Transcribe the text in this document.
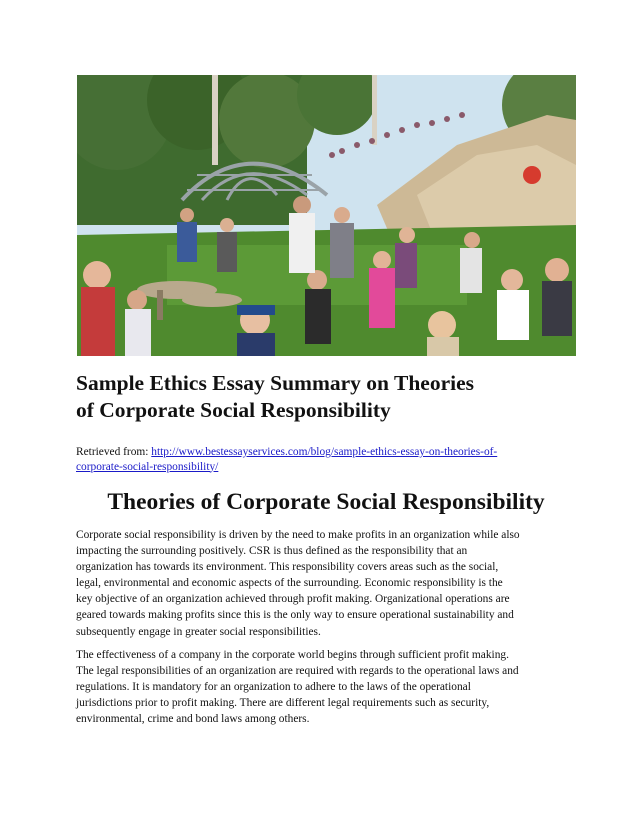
Sample Ethics Essay Summary on Theories
of Corporate Social Responsibility
Retrieved from: http://www.bestessayservices.com/blog/sample-ethics-essay-on-theories-of-
corporate-social-responsibility/
Theories of Corporate Social Responsibility

Corporate social responsibility is driven by the need to make profits in an organization while also
impacting the surrounding positively. CSR is thus defined as the responsibility that an
organization has towards its environment. This responsibility covers areas such as the social,
legal, environmental and economic aspects of the surrounding. Economic responsibility is the
key objective of an organization achieved through profit making. Organizational operations are
geared towards making profits since this is the only way to ensure operational sustainability and
subsequently engage in greater social responsibilities.

The effectiveness of a company in the corporate world begins through sufficient profit making.
The legal responsibilities of an organization are required with regards to the operational laws and
regulations. It is mandatory for an organization to adhere to the laws of the operational
jurisdictions prior to profit making. There are different legal requirements such as security,
environmental, crime and bond laws among others.
